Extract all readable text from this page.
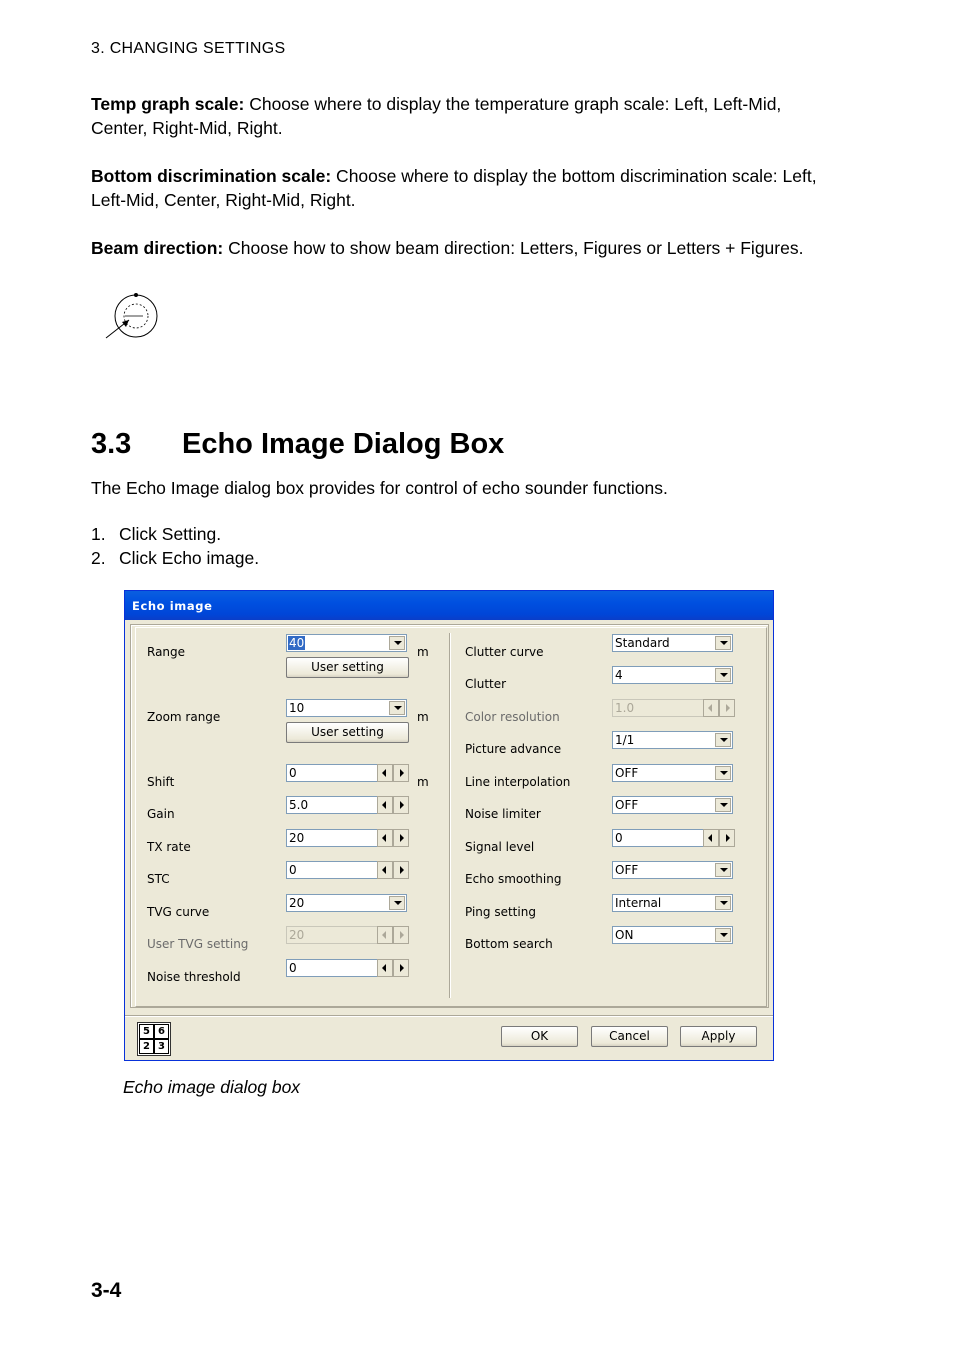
3. CHANGING SETTINGS
Temp graph scale: Choose where to display the temperature graph scale: Left, Left-Mid, Center, Right-Mid, Right.
Bottom discrimination scale: Choose where to display the bottom discrimination scale: Left, Left-Mid, Center, Right-Mid, Right.
Beam direction: Choose how to show beam direction: Letters, Figures or Letters + Figures.
3.3 Echo Image Dialog Box
The Echo Image dialog box provides for control of echo sounder functions.
1. Click Setting.
2. Click Echo image.
Echo image
Range
40
m
User setting
Zoom range
10
m
User setting
Shift
0
m
Gain
5.0
TX rate
20
STC
0
TVG curve
20
User TVG setting
20
Noise threshold
0
Clutter curve
Standard
Clutter
4
Color resolution
1.0
Picture advance
1/1
Line interpolation
OFF
Noise limiter
OFF
Signal level
0
Echo smoothing
OFF
Ping setting
Internal
Bottom search
ON
5 6
2 3
OK	Cancel	Apply
Echo image dialog box
3-4
